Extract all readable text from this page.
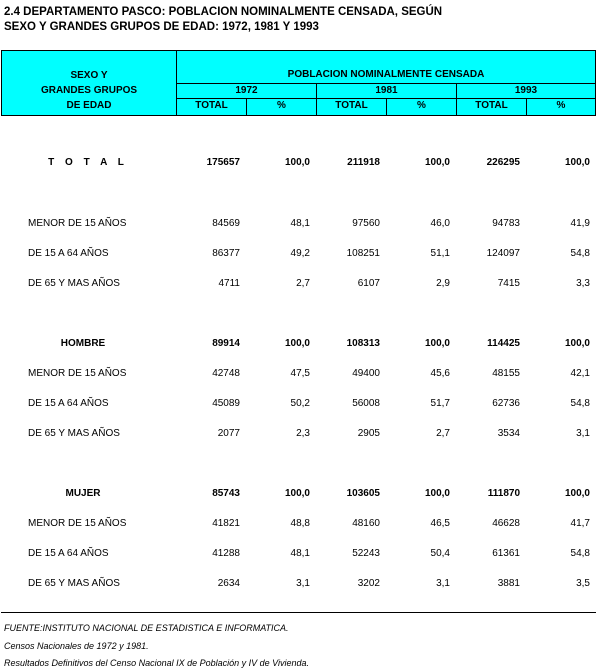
2.4 DEPARTAMENTO PASCO: POBLACION NOMINALMENTE CENSADA, SEGÚN
SEXO Y GRANDES GRUPOS DE EDAD: 1972, 1981 Y 1993
SEXO Y
GRANDES GRUPOS
DE EDAD
POBLACION NOMINALMENTE CENSADA
1972	1981	1993
TOTAL	%	TOTAL	%	TOTAL	%
T O T A L	175657	100,0	211918	100,0	226295	100,0
MENOR DE 15 AÑOS	84569	48,1	97560	46,0	94783	41,9
DE 15 A 64 AÑOS	86377	49,2	108251	51,1	124097	54,8
DE 65 Y MAS AÑOS	4711	2,7	6107	2,9	7415	3,3
HOMBRE	89914	100,0	108313	100,0	114425	100,0
MENOR DE 15 AÑOS	42748	47,5	49400	45,6	48155	42,1
DE 15 A 64 AÑOS	45089	50,2	56008	51,7	62736	54,8
DE 65 Y MAS AÑOS	2077	2,3	2905	2,7	3534	3,1
MUJER	85743	100,0	103605	100,0	111870	100,0
MENOR DE 15 AÑOS	41821	48,8	48160	46,5	46628	41,7
DE 15 A 64 AÑOS	41288	48,1	52243	50,4	61361	54,8
DE 65 Y MAS AÑOS	2634	3,1	3202	3,1	3881	3,5
FUENTE:INSTITUTO NACIONAL DE ESTADISTICA E INFORMATICA.
Censos Nacionales de 1972 y 1981.
Resultados Definitivos del Censo Nacional IX de Población y IV de Vivienda.
